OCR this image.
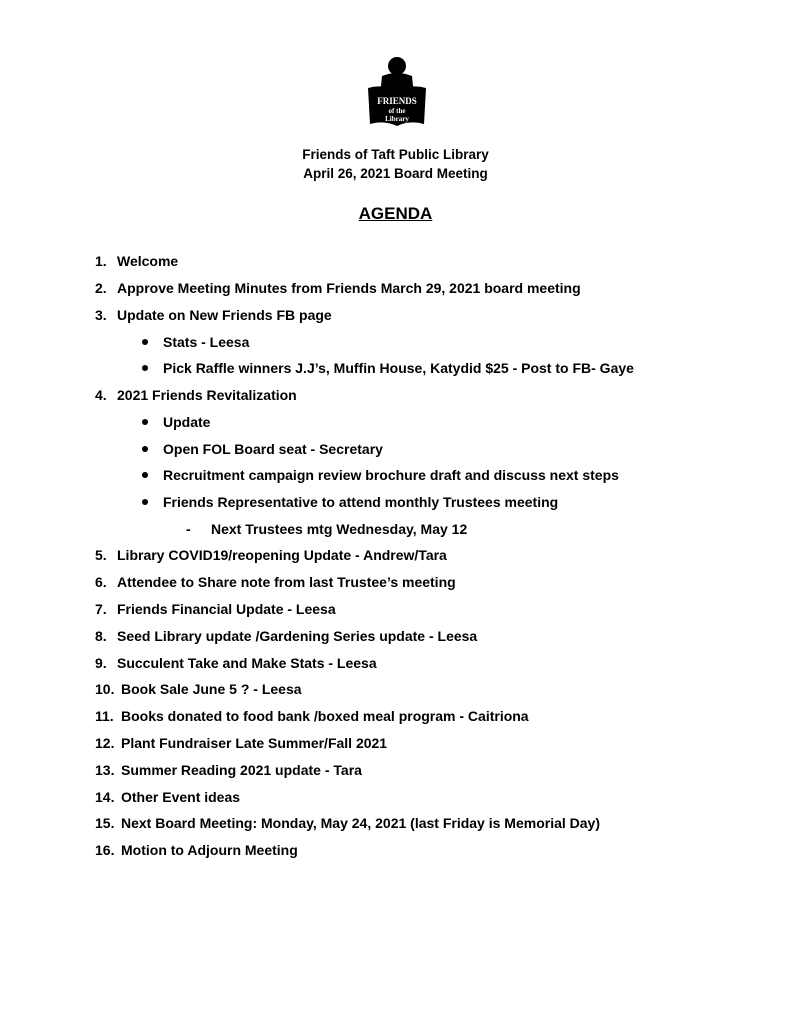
FRIENDS
of the
Library
Friends of Taft Public Library
April 26, 2021 Board Meeting
AGENDA
1. Welcome
2. Approve Meeting Minutes from Friends March 29, 2021 board meeting
3. Update on New Friends FB page
Stats - Leesa
Pick Raffle winners J.J’s, Muffin House, Katydid $25 - Post to FB- Gaye
4. 2021 Friends Revitalization
Update
Open FOL Board seat - Secretary
Recruitment campaign review brochure draft and discuss next steps
Friends Representative to attend monthly Trustees meeting
- Next Trustees mtg Wednesday, May 12
5. Library COVID19/reopening Update - Andrew/Tara
6. Attendee to Share note from last Trustee’s meeting
7. Friends Financial Update - Leesa
8. Seed Library update /Gardening Series update - Leesa
9. Succulent Take and Make Stats - Leesa
10. Book Sale June 5 ? - Leesa
11. Books donated to food bank /boxed meal program - Caitriona
12. Plant Fundraiser Late Summer/Fall 2021
13. Summer Reading 2021 update - Tara
14. Other Event ideas
15. Next Board Meeting: Monday, May 24, 2021 (last Friday is Memorial Day)
16. Motion to Adjourn Meeting
